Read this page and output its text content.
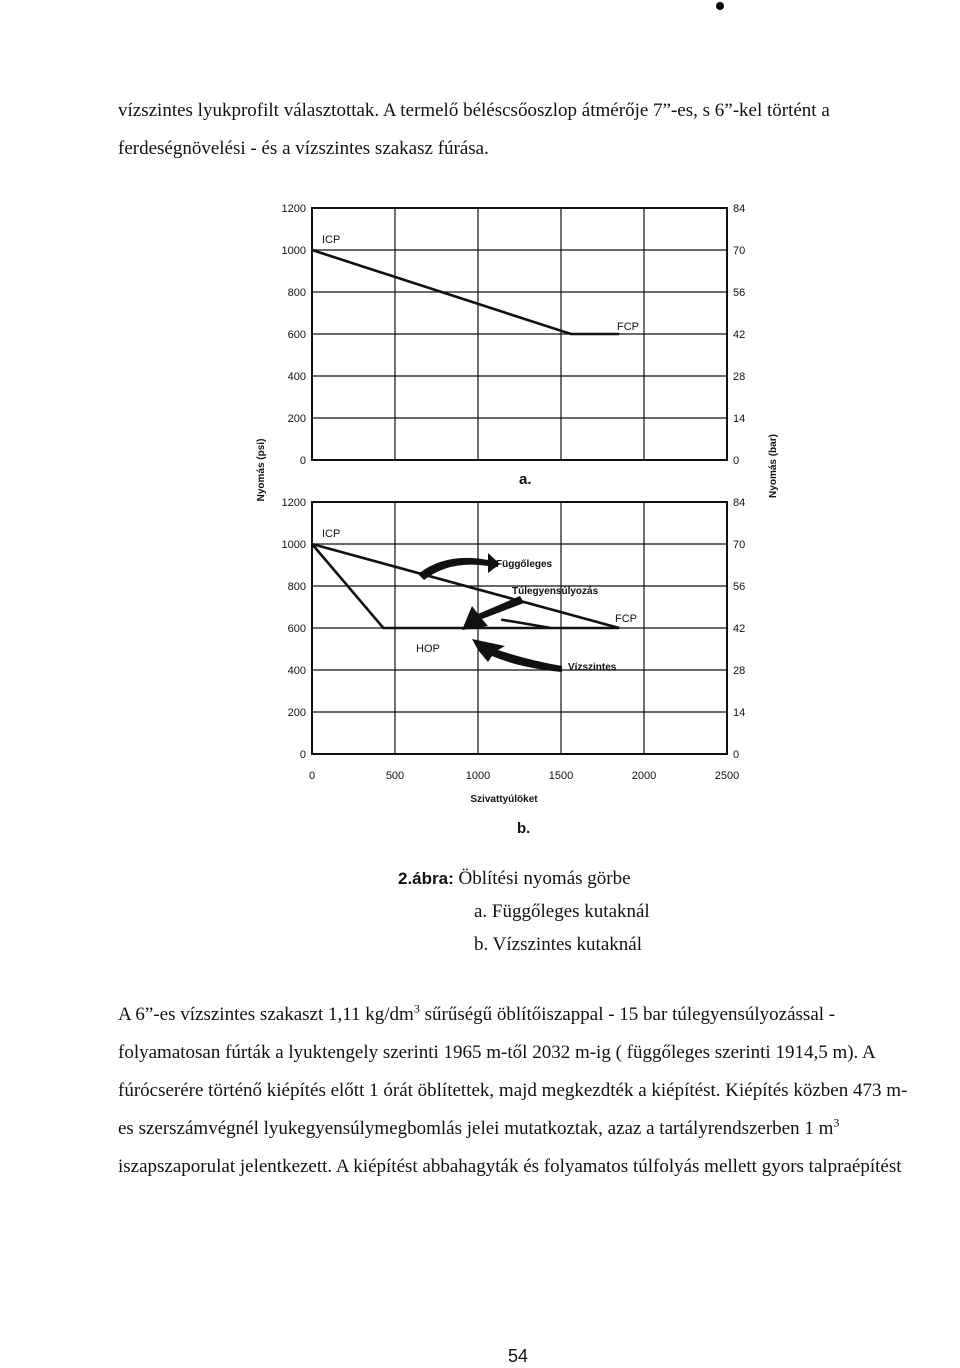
vízszintes lyukprofilt választottak. A termelő béléscsőoszlop átmérője 7”-es, s 6”-kel történt a

ferdeségnövelési - és a vízszintes szakasz fúrása.

1200
1000
800
600
400
200
0
84
70
56
42
28
14
0
ICP
FCP
a.
1200
1000
800
600
400
200
0
84
70
56
42
28
14
0
0	500	1000	1500	2000	2500
Szivattyúlöket
ICP
HOP
FCP
Függőleges
Túlegyensúlyozás
Vízszintes
b.
Nyomás (psi)	Nyomás (bar)
2.ábra: Öblítési nyomás görbe
a. Függőleges kutaknál
b. Vízszintes kutaknál

A 6”-es vízszintes szakaszt 1,11 $kg/dm^3$ sűrűségű öblítőiszappal - 15 bar túlegyensúlyozással -

folyamatosan fúrták a lyuktengely szerinti 1965 m-től 2032 m-ig ( függőleges szerinti 1914,5 m). A

fúrócserére történő kiépítés előtt 1 órát öblítettek, majd megkezdték a kiépítést. Kiépítés közben 473 m-

es szerszámvégnél lyukegyensúlymegbomlás jelei mutatkoztak, azaz a tartályrendszerben 1 $m^3$

iszapszaporulat jelentkezett. A kiépítést abbahagyták és folyamatos túlfolyás mellett gyors talpraépítést

54
